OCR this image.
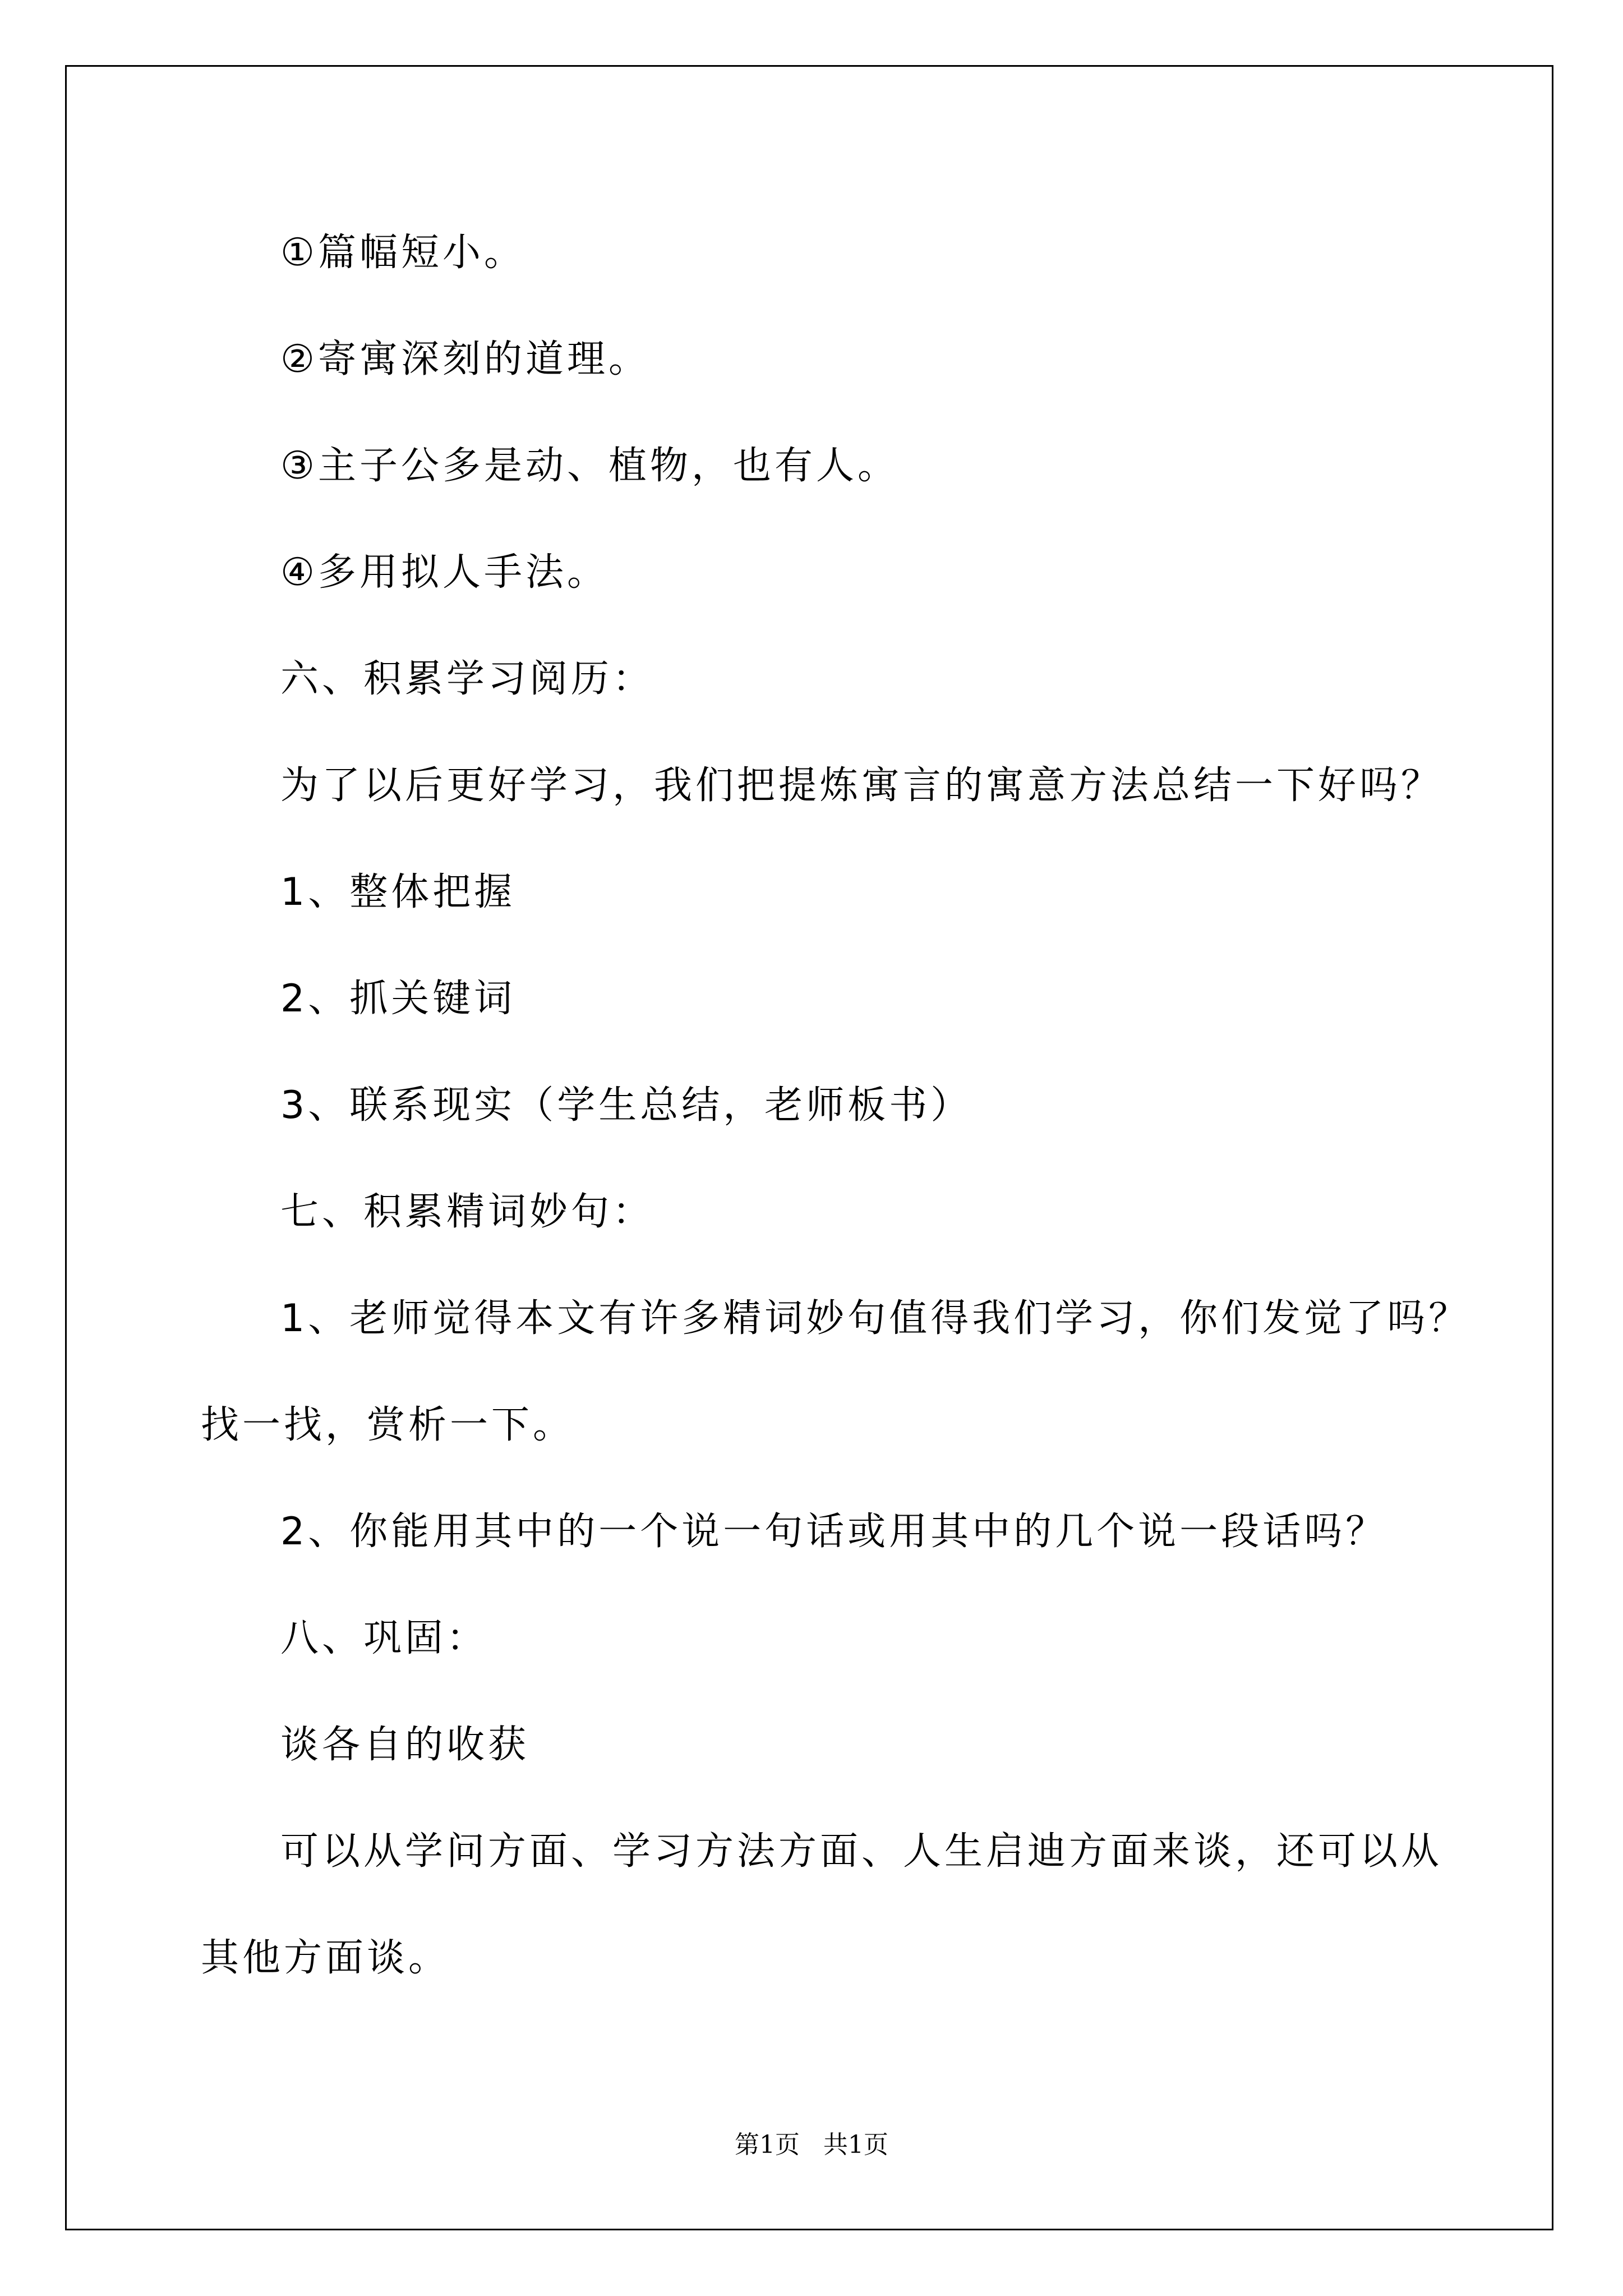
①篇幅短小。
②寄寓深刻的道理。
③主子公多是动、植物，也有人。
④多用拟人手法。
六、积累学习阅历：
为了以后更好学习，我们把提炼寓言的寓意方法总结一下好吗？
1、整体把握
2、抓关键词
3、联系现实（学生总结，老师板书）
七、积累精词妙句：
1、老师觉得本文有许多精词妙句值得我们学习，你们发觉了吗？
找一找，赏析一下。
2、你能用其中的一个说一句话或用其中的几个说一段话吗？
八、巩固：
谈各自的收获
可以从学问方面、学习方法方面、人生启迪方面来谈，还可以从
其他方面谈。
第1页   共1页
